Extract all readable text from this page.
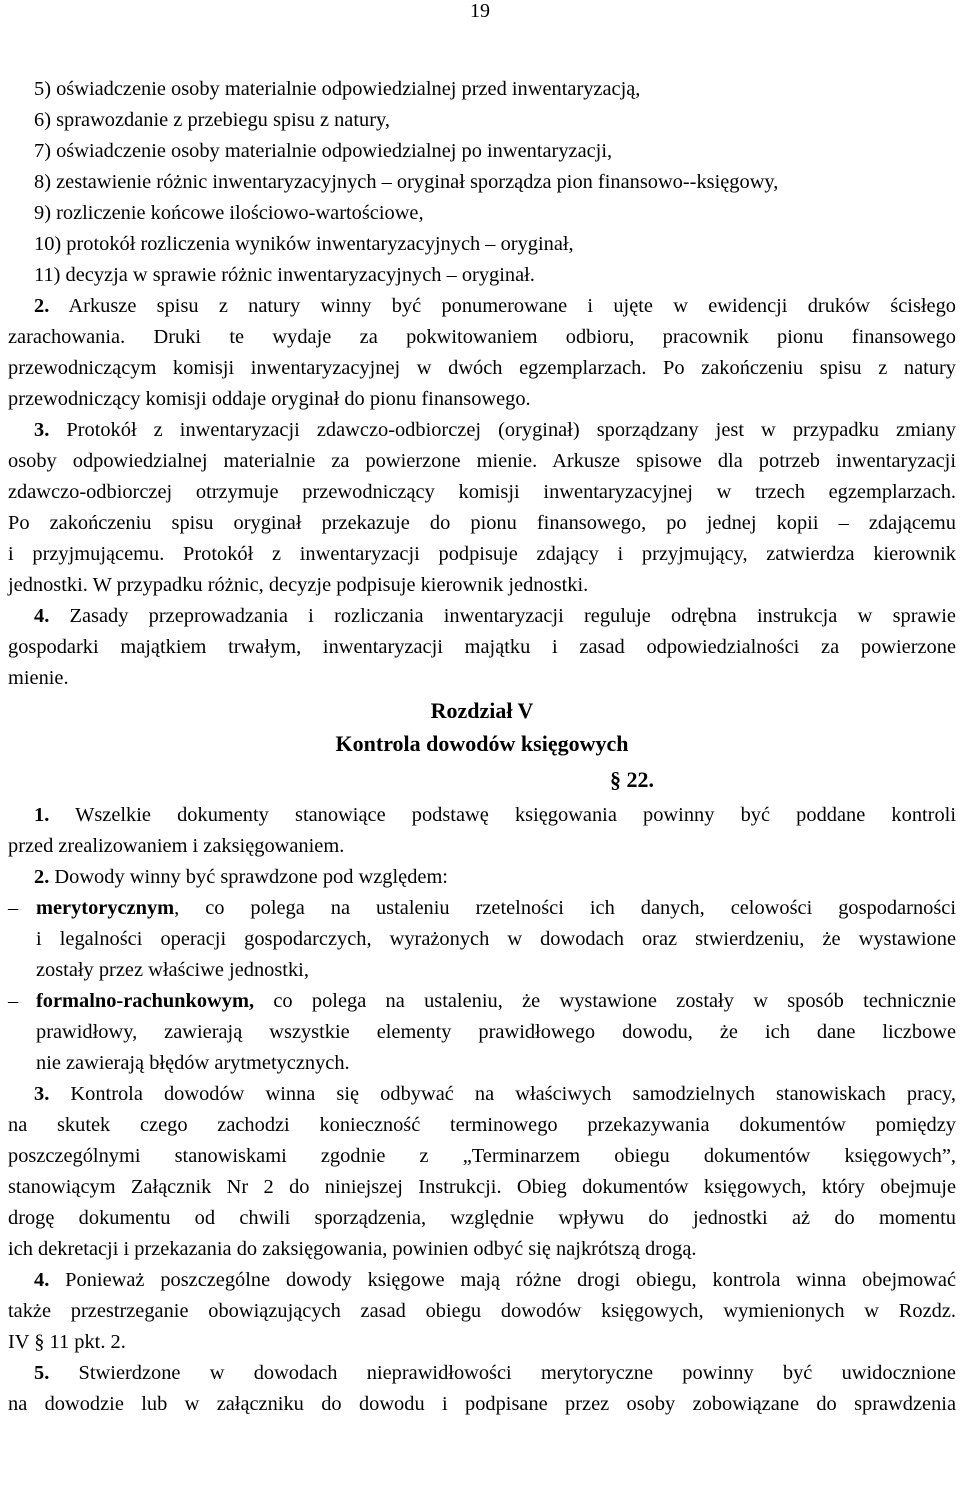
19
5) oświadczenie osoby materialnie odpowiedzialnej przed inwentaryzacją,
6) sprawozdanie z przebiegu spisu z natury,
7) oświadczenie osoby materialnie odpowiedzialnej po inwentaryzacji,
8) zestawienie różnic inwentaryzacyjnych – oryginał sporządza pion finansowo--księgowy,
9) rozliczenie końcowe ilościowo-wartościowe,
10) protokół rozliczenia wyników inwentaryzacyjnych – oryginał,
11) decyzja w sprawie różnic inwentaryzacyjnych – oryginał.
2. Arkusze spisu z natury winny być ponumerowane i ujęte w ewidencji druków ścisłego
zarachowania. Druki te wydaje za pokwitowaniem odbioru, pracownik pionu finansowego
przewodniczącym komisji inwentaryzacyjnej w dwóch egzemplarzach. Po zakończeniu spisu z natury
przewodniczący komisji oddaje oryginał do pionu finansowego.
3. Protokół z inwentaryzacji zdawczo-odbiorczej (oryginał) sporządzany jest w przypadku zmiany
osoby odpowiedzialnej materialnie za powierzone mienie. Arkusze spisowe dla potrzeb inwentaryzacji
zdawczo-odbiorczej otrzymuje przewodniczący komisji inwentaryzacyjnej w trzech egzemplarzach.
Po zakończeniu spisu oryginał przekazuje do pionu finansowego, po jednej kopii – zdającemu
i przyjmującemu. Protokół z inwentaryzacji podpisuje zdający i przyjmujący, zatwierdza kierownik
jednostki. W przypadku różnic, decyzje podpisuje kierownik jednostki.
4. Zasady przeprowadzania i rozliczania inwentaryzacji reguluje odrębna instrukcja w sprawie
gospodarki majątkiem trwałym, inwentaryzacji majątku i zasad odpowiedzialności za powierzone
mienie.
Rozdział V
Kontrola dowodów księgowych
§ 22.
1. Wszelkie dokumenty stanowiące podstawę księgowania powinny być poddane kontroli
przed zrealizowaniem i zaksięgowaniem.
2. Dowody winny być sprawdzone pod względem:
– merytorycznym, co polega na ustaleniu rzetelności ich danych, celowości gospodarności
i legalności operacji gospodarczych, wyrażonych w dowodach oraz stwierdzeniu, że wystawione
zostały przez właściwe jednostki,
– formalno-rachunkowym, co polega na ustaleniu, że wystawione zostały w sposób technicznie
prawidłowy, zawierają wszystkie elementy prawidłowego dowodu, że ich dane liczbowe
nie zawierają błędów arytmetycznych.
3. Kontrola dowodów winna się odbywać na właściwych samodzielnych stanowiskach pracy,
na skutek czego zachodzi konieczność terminowego przekazywania dokumentów pomiędzy
poszczególnymi stanowiskami zgodnie z „Terminarzem obiegu dokumentów księgowych”,
stanowiącym Załącznik Nr 2 do niniejszej Instrukcji. Obieg dokumentów księgowych, który obejmuje
drogę dokumentu od chwili sporządzenia, względnie wpływu do jednostki aż do momentu
ich dekretacji i przekazania do zaksięgowania, powinien odbyć się najkrótszą drogą.
4. Ponieważ poszczególne dowody księgowe mają różne drogi obiegu, kontrola winna obejmować
także przestrzeganie obowiązujących zasad obiegu dowodów księgowych, wymienionych w Rozdz.
IV § 11 pkt. 2.
5. Stwierdzone w dowodach nieprawidłowości merytoryczne powinny być uwidocznione
na dowodzie lub w załączniku do dowodu i podpisane przez osoby zobowiązane do sprawdzenia
